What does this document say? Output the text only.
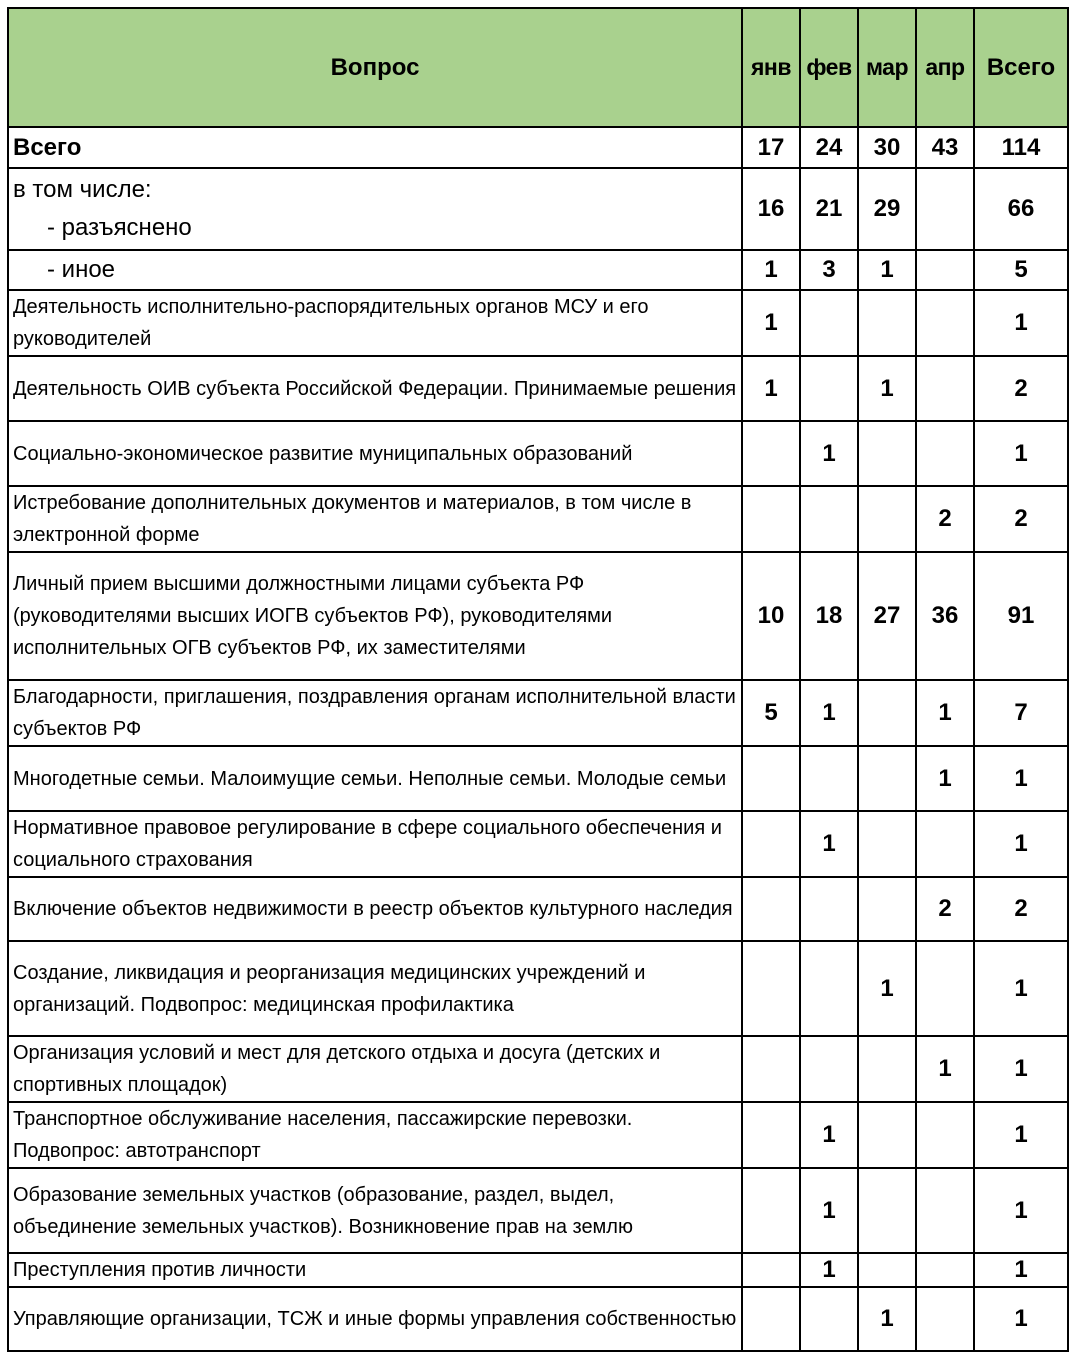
Вопрос	янв	фев	мар	апр	Всего
Всего	17	24	30	43	114

в том числе:
- разъяснено	16	21	29		66

- иное	1	3	1		5
Деятельность исполнительно-распорядительных органов МСУ и его руководителей	1				1
Деятельность ОИВ субъекта Российской Федерации. Принимаемые решения	1		1		2
Социально-экономическое развитие муниципальных образований		1			1
Истребование дополнительных документов и материалов, в том числе в электронной форме				2	2
Личный прием высшими должностными лицами субъекта РФ (руководителями высших ИОГВ субъектов РФ), руководителями исполнительных ОГВ субъектов РФ, их заместителями	10	18	27	36	91
Благодарности, приглашения, поздравления органам исполнительной власти субъектов РФ	5	1		1	7
Многодетные семьи. Малоимущие семьи. Неполные семьи. Молодые семьи				1	1
Нормативное правовое регулирование в сфере социального обеспечения и социального страхования		1			1
Включение объектов недвижимости в реестр объектов культурного наследия				2	2
Создание, ликвидация и реорганизация медицинских учреждений и организаций. Подвопрос: медицинская профилактика			1		1
Организация условий и мест для детского отдыха и досуга (детских и спортивных площадок)				1	1
Транспортное обслуживание населения, пассажирские перевозки. Подвопрос: автотранспорт		1			1
Образование земельных участков (образование, раздел, выдел, объединение земельных участков). Возникновение прав на землю		1			1
Преступления против личности		1			1
Управляющие организации, ТСЖ и иные формы управления собственностью			1		1
